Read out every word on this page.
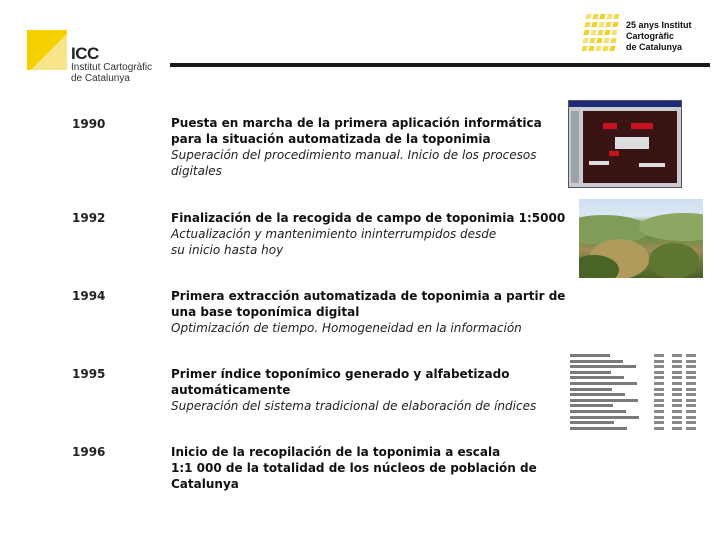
ICC
Institut Cartogràfic
de Catalunya
25 anys Institut
Cartogràfic
de Catalunya
1990	Puesta en marcha de la primera aplicación informática
para la situación automatizada de la toponimia
Superación del procedimiento manual. Inicio de los procesos
digitales
1992	Finalización de la recogida de campo de toponimia 1:5000
Actualización y mantenimiento ininterrumpidos desde
su inicio hasta hoy
1994	Primera extracción automatizada de toponimia a partir de
una base toponímica digital
Optimización de tiempo. Homogeneidad en la información
1995	Primer índice toponímico generado y alfabetizado
automáticamente
Superación del sistema tradicional de elaboración de índices
1996	Inicio de la recopilación de la toponimia a escala
1:1 000 de la totalidad de los núcleos de población de Catalunya
